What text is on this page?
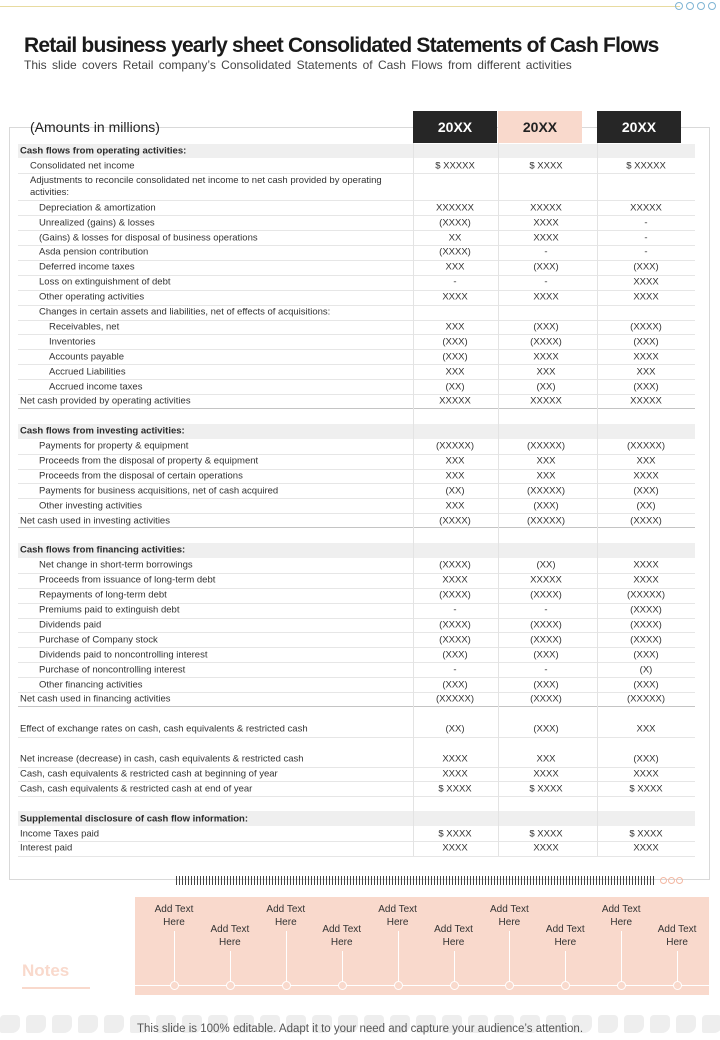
Retail business yearly sheet Consolidated Statements of Cash Flows
This slide covers Retail company’s Consolidated Statements of Cash Flows from different activities
(Amounts in millions)	20XX	20XX	20XX
Cash flows from operating activities:
Consolidated net income	$ XXXXX	$ XXXX	$ XXXXX
Adjustments to reconcile consolidated net income to net cash provided by operating activities:
Depreciation & amortization	XXXXXX	XXXXX	XXXXX
Unrealized (gains) & losses	(XXXX)	XXXX	-
(Gains) & losses for disposal of business operations	XX	XXXX	-
Asda pension contribution	(XXXX)	-	-
Deferred income taxes	XXX	(XXX)	(XXX)
Loss on extinguishment of debt	-	-	XXXX
Other operating activities	XXXX	XXXX	XXXX
Changes in certain assets and liabilities, net of effects of acquisitions:
Receivables, net	XXX	(XXX)	(XXXX)
Inventories	(XXX)	(XXXX)	(XXX)
Accounts payable	(XXX)	XXXX	XXXX
Accrued Liabilities	XXX	XXX	XXX
Accrued income taxes	(XX)	(XX)	(XXX)
Net cash provided by operating activities	XXXXX	XXXXX	XXXXX
Cash flows from investing activities:
Payments for property & equipment	(XXXXX)	(XXXXX)	(XXXXX)
Proceeds from the disposal of property & equipment	XXX	XXX	XXX
Proceeds from the disposal of certain operations	XXX	XXX	XXXX
Payments for business acquisitions, net of cash acquired	(XX)	(XXXXX)	(XXX)
Other investing activities	XXX	(XXX)	(XX)
Net cash used in investing activities	(XXXX)	(XXXXX)	(XXXX)
Cash flows from financing activities:
Net change in short-term borrowings	(XXXX)	(XX)	XXXX
Proceeds from issuance of long-term debt	XXXX	XXXXX	XXXX
Repayments of long-term debt	(XXXX)	(XXXX)	(XXXXX)
Premiums paid to extinguish debt	-	-	(XXXX)
Dividends paid	(XXXX)	(XXXX)	(XXXX)
Purchase of Company stock	(XXXX)	(XXXX)	(XXXX)
Dividends paid to noncontrolling interest	(XXX)	(XXX)	(XXX)
Purchase of noncontrolling interest	-	-	(X)
Other financing activities	(XXX)	(XXX)	(XXX)
Net cash used in financing activities	(XXXXX)	(XXXX)	(XXXXX)
Effect of exchange rates on cash, cash equivalents & restricted cash	(XX)	(XXX)	XXX
Net increase (decrease) in cash, cash equivalents & restricted cash	XXXX	XXX	(XXX)
Cash, cash equivalents & restricted cash at beginning of year	XXXX	XXXX	XXXX
Cash, cash equivalents & restricted cash at end of year	$ XXXX	$ XXXX	$ XXXX
Supplemental disclosure of cash flow information:
Income Taxes paid	$ XXXX	$ XXXX	$ XXXX
Interest paid	XXXX	XXXX	XXXX
Add Text Here
Add Text Here
Add Text Here
Add Text Here
Add Text Here
Add Text Here
Add Text Here
Add Text Here
Add Text Here
Add Text Here
Notes
This slide is 100% editable. Adapt it to your need and capture your audience’s attention.
